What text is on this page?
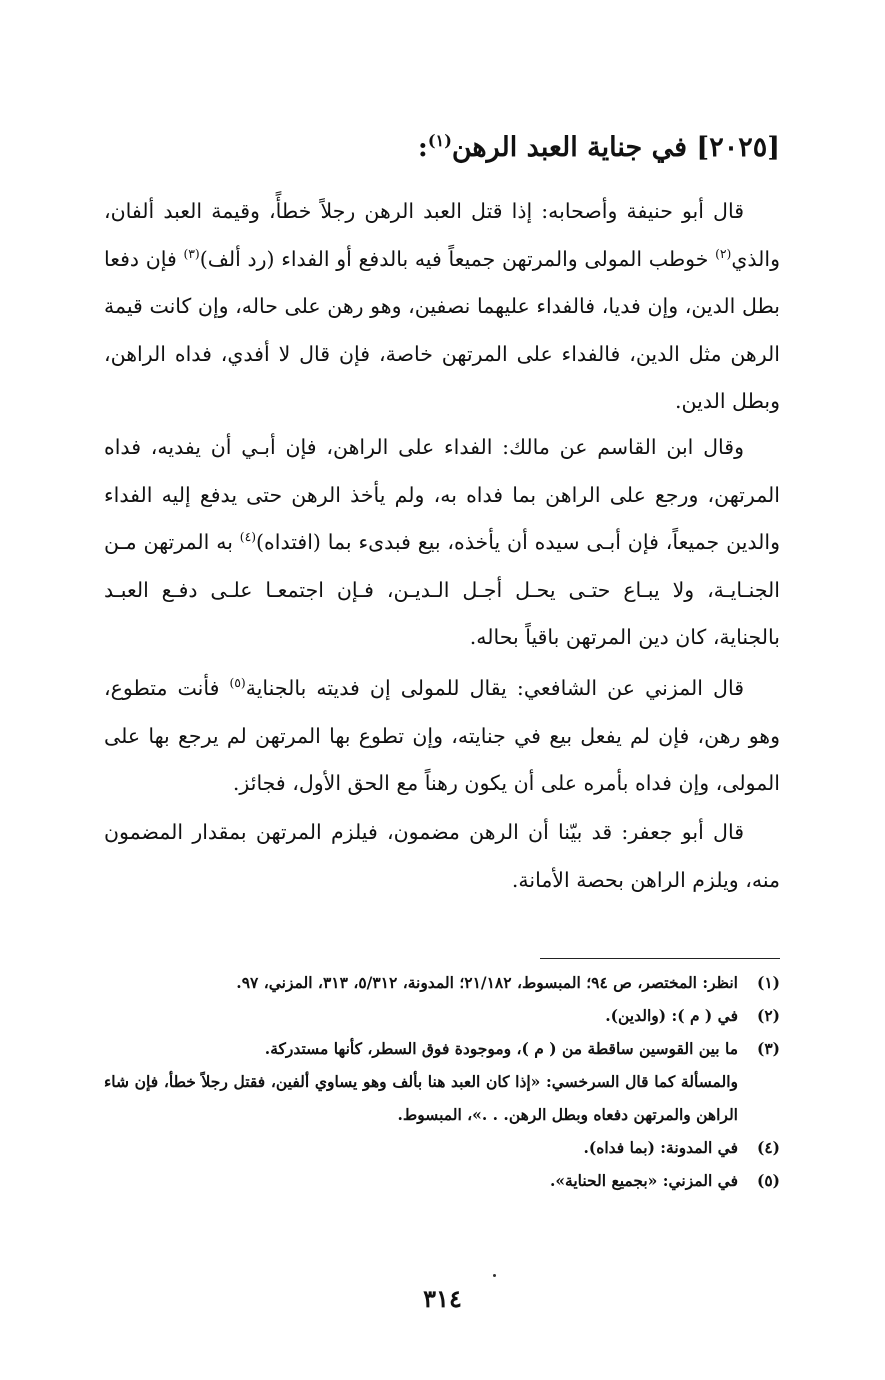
[٢٠٢٥] في جناية العبد الرهن$^{(١)}$:
قال أبو حنيفة وأصحابه: إذا قتل العبد الرهن رجلاً خطأً، وقيمة العبد ألفان، والذي$^{(٢)}$ خوطب المولى والمرتهن جميعاً فيه بالدفع أو الفداء (رد ألف)$^{(٣)}$ فإن دفعا بطل الدين، وإن فديا، فالفداء عليهما نصفين، وهو رهن على حاله، وإن كانت قيمة الرهن مثل الدين، فالفداء على المرتهن خاصة، فإن قال لا أفدي، فداه الراهن، وبطل الدين.
وقال ابن القاسم عن مالك: الفداء على الراهن، فإن أبـي أن يفديه، فداه المرتهن، ورجع على الراهن بما فداه به، ولم يأخذ الرهن حتى يدفع إليه الفداء والدين جميعاً، فإن أبـى سيده أن يأخذه، بيع فبدىء بما (افتداه)$^{(٤)}$ به المرتهن مـن الجنـايـة، ولا يبـاع حتـى يحـل أجـل الـديـن، فـإن اجتمعـا علـى دفـع العبـد بالجناية، كان دين المرتهن باقياً بحاله.
قال المزني عن الشافعي: يقال للمولى إن فديته بالجناية$^{(٥)}$ فأنت متطوع، وهو رهن، فإن لم يفعل بيع في جنايته، وإن تطوع بها المرتهن لم يرجع بها على المولى، وإن فداه بأمره على أن يكون رهناً مع الحق الأول، فجائز.
قال أبو جعفر: قد بيّنا أن الرهن مضمون، فيلزم المرتهن بمقدار المضمون منه، ويلزم الراهن بحصة الأمانة.
(١)
انظر: المختصر، ص ٩٤؛ المبسوط، ٢١/١٨٢؛ المدونة، ٥/٣١٢، ٣١٣، المزني، ٩٧.
(٢)
في ( م ): (والدين).
(٣)
ما بين القوسين ساقطة من ( م )، وموجودة فوق السطر، كأنها مستدركة.
والمسألة كما قال السرخسي: «إذا كان العبد هنا بألف وهو يساوي ألفين، فقتل رجلاً خطأ، فإن شاء الراهن والمرتهن دفعاه وبطل الرهن. . .»، المبسوط.
(٤)
في المدونة: (بما فداه).
(٥)
في المزني: «بجميع الحناية».
٣١٤
